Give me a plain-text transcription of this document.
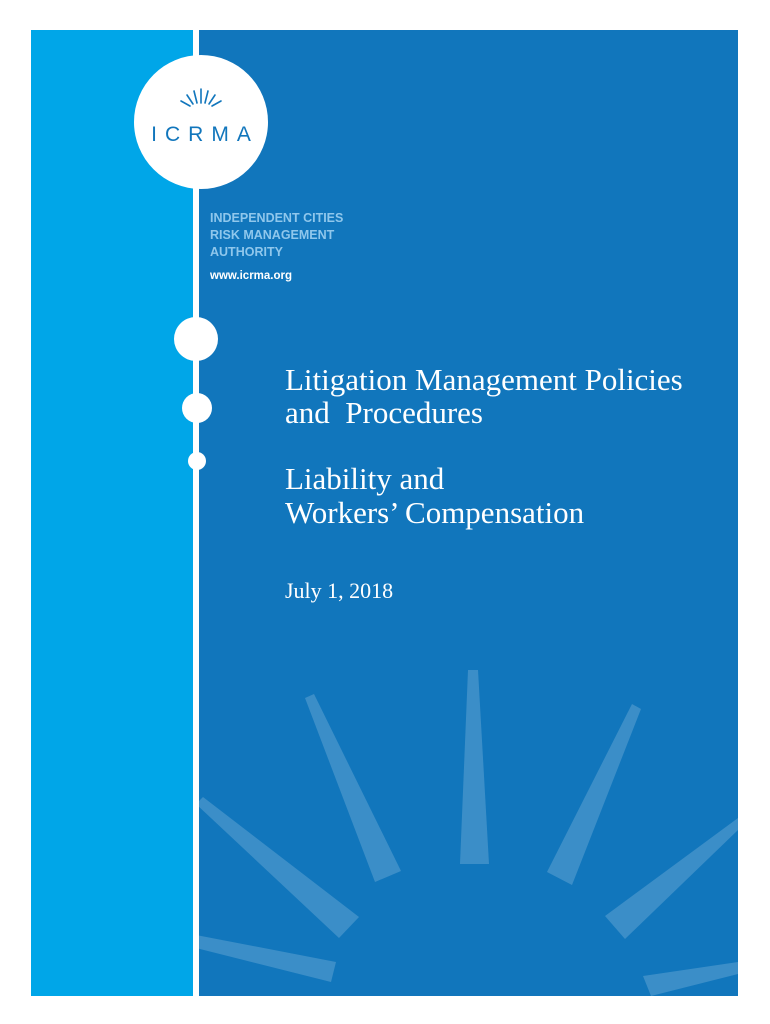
ICRMA
INDEPENDENT CITIES
RISK MANAGEMENT
AUTHORITY
www.icrma.org
Litigation Management Policies
and  Procedures
Liability and
Workers’ Compensation
July 1, 2018
